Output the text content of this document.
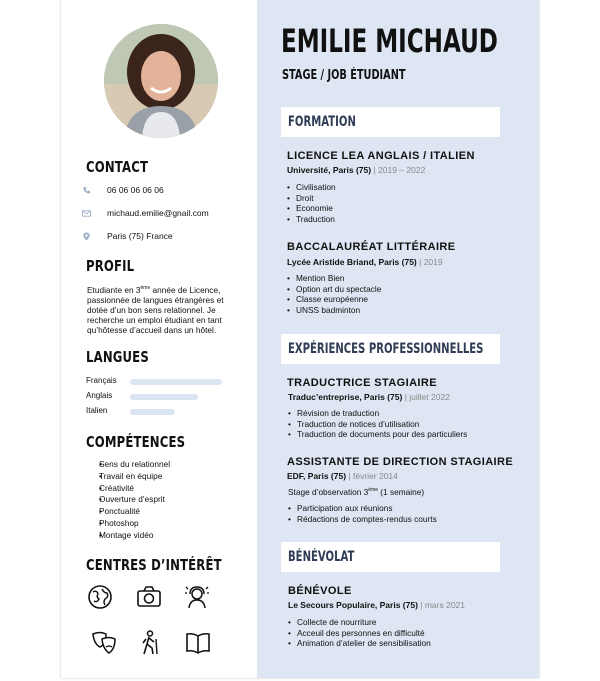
CONTACT
06 06 06 06 06
michaud.emilie@gnail.com
Paris (75) France
PROFIL
Etudiante en 3ème année de Licence, passionnée de langues étrangères et dotée d’un bon sens relationnel. Je recherche un emploi étudiant en tant qu’hôtesse d’accueil dans un hôtel.
LANGUES
Français
Anglais
Italien
COMPÉTENCES
• Sens du relationnel
• Travail en équipe
• Créativité
• Ouverture d’esprit
• Ponctualité
• Photoshop
• Montage vidéo
CENTRES D’INTÉRÊT
EMILIE MICHAUD
STAGE / JOB ÉTUDIANT
FORMATION
LICENCE LEA ANGLAIS / ITALIEN
Université, Paris (75) | 2019 – 2022
• Civilisation
• Droit
• Economie
• Traduction
BACCALAURÉAT LITTÉRAIRE
Lycée Aristide Briand, Paris (75) | 2019
• Mention Bien
• Option art du spectacle
• Classe européenne
• UNSS badminton
EXPÉRIENCES PROFESSIONNELLES
TRADUCTRICE STAGIAIRE
Traduc’entreprise, Paris (75) | juillet 2022
• Révision de traduction
• Traduction de notices d’utilisation
• Traduction de documents pour des particuliers
ASSISTANTE DE DIRECTION STAGIAIRE
EDF, Paris (75) | février 2014
Stage d’observation 3ème (1 semaine)
• Participation aux réunions
• Rédactions de comptes-rendus courts
BÉNÉVOLAT
BÉNÉVOLE
Le Secours Populaire, Paris (75) | mars 2021
• Collecte de nourriture
• Acceuil des personnes en difficulté
• Animation d’atelier de sensibilisation
